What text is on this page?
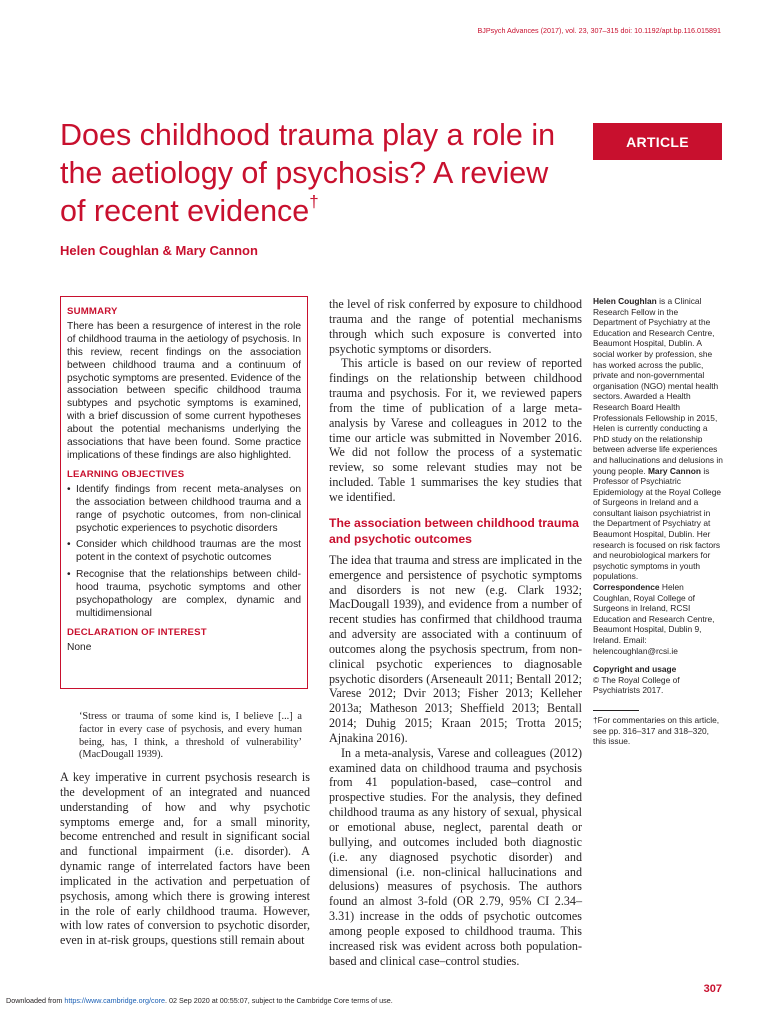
BJPsych Advances (2017), vol. 23, 307–315 doi: 10.1192/apt.bp.116.015891
ARTICLE
Does childhood trauma play a role in the aetiology of psychosis? A review of recent evidence†
Helen Coughlan & Mary Cannon
SUMMARY

There has been a resurgence of interest in the role of childhood trauma in the aetiology of psychosis. In this review, recent findings on the association between childhood trauma and a continuum of psychotic symptoms are presented. Evidence of the association between specific childhood trauma subtypes and psychotic symptoms is examined, with a brief discussion of some current hypotheses about the potential mechanisms underlying the associations that have been found. Some practice implications of these findings are also highlighted.

LEARNING OBJECTIVES
• Identify findings from recent meta-analyses on the association between childhood trauma and a range of psychotic outcomes, from non-clinical psychotic experiences to psychotic disorders
• Consider which childhood traumas are the most potent in the context of psychotic outcomes
• Recognise that the relationships between childhood trauma, psychotic symptoms and other psychopathology are complex, dynamic and multidimensional
DECLARATION OF INTEREST

None

‘Stress or trauma of some kind is, I believe [...] a factor in every case of psychosis, and every human being, has, I think, a threshold of vulnerability’ (MacDougall 1939).

A key imperative in current psychosis research is the development of an integrated and nuanced understanding of how and why psychotic symptoms emerge and, for a small minority, become entrenched and result in significant social and functional impairment (i.e. disorder). A dynamic range of interrelated factors have been implicated in the activation and perpetuation of psychosis, among which there is growing interest in the role of early childhood trauma. However, with low rates of conversion to psychotic disorder, even in at-risk groups, questions still remain about

the level of risk conferred by exposure to childhood trauma and the range of potential mechanisms through which such exposure is converted into psychotic symptoms or disorders.

This article is based on our review of reported findings on the relationship between childhood trauma and psychosis. For it, we reviewed papers from the time of publication of a large meta-analysis by Varese and colleagues in 2012 to the time our article was submitted in November 2016. We did not follow the process of a systematic review, so some relevant studies may not be included. Table 1 summarises the key studies that we identified.

The association between childhood trauma and psychotic outcomes

The idea that trauma and stress are implicated in the emergence and persistence of psychotic symptoms and disorders is not new (e.g. Clark 1932; MacDougall 1939), and evidence from a number of recent studies has confirmed that childhood trauma and adversity are associated with a continuum of outcomes along the psychosis spectrum, from non-clinical psychotic experiences to diagnosable psychotic disorders (Arseneault 2011; Bentall 2012; Varese 2012; Dvir 2013; Fisher 2013; Kelleher 2013a; Matheson 2013; Sheffield 2013; Bentall 2014; Duhig 2015; Kraan 2015; Trotta 2015; Ajnakina 2016).

In a meta-analysis, Varese and colleagues (2012) examined data on childhood trauma and psychosis from 41 population-based, case–control and prospective studies. For the analysis, they defined childhood trauma as any history of sexual, physical or emotional abuse, neglect, parental death or bullying, and outcomes included both diagnostic (i.e. any diagnosed psychotic disorder) and dimensional (i.e. non-clinical hallucinations and delusions) measures of psychosis. The authors found an almost 3-fold (OR 2.79, 95% CI 2.34–3.31) increase in the odds of psychotic outcomes among people exposed to childhood trauma. This increased risk was evident across both population-based and clinical case–control studies.

Helen Coughlan is a Clinical Research Fellow in the Department of Psychiatry at the Education and Research Centre, Beaumont Hospital, Dublin. A social worker by profession, she has worked across the public, private and non-governmental organisation (NGO) mental health sectors. Awarded a Health Research Board Health Professionals Fellowship in 2015, Helen is currently conducting a PhD study on the relationship between adverse life experiences and hallucinations and delusions in young people. Mary Cannon is Professor of Psychiatric Epidemiology at the Royal College of Surgeons in Ireland and a consultant liaison psychiatrist in the Department of Psychiatry at Beaumont Hospital, Dublin. Her research is focused on risk factors and neurobiological markers for psychotic symptoms in youth populations.

Correspondence Helen Coughlan, Royal College of Surgeons in Ireland, RCSI Education and Research Centre, Beaumont Hospital, Dublin 9, Ireland. Email: helencoughlan@rcsi.ie

Copyright and usage

© The Royal College of Psychiatrists 2017.

†For commentaries on this article, see pp. 316–317 and 318–320, this issue.

307
Downloaded from https://www.cambridge.org/core. 02 Sep 2020 at 00:55:07, subject to the Cambridge Core terms of use.
